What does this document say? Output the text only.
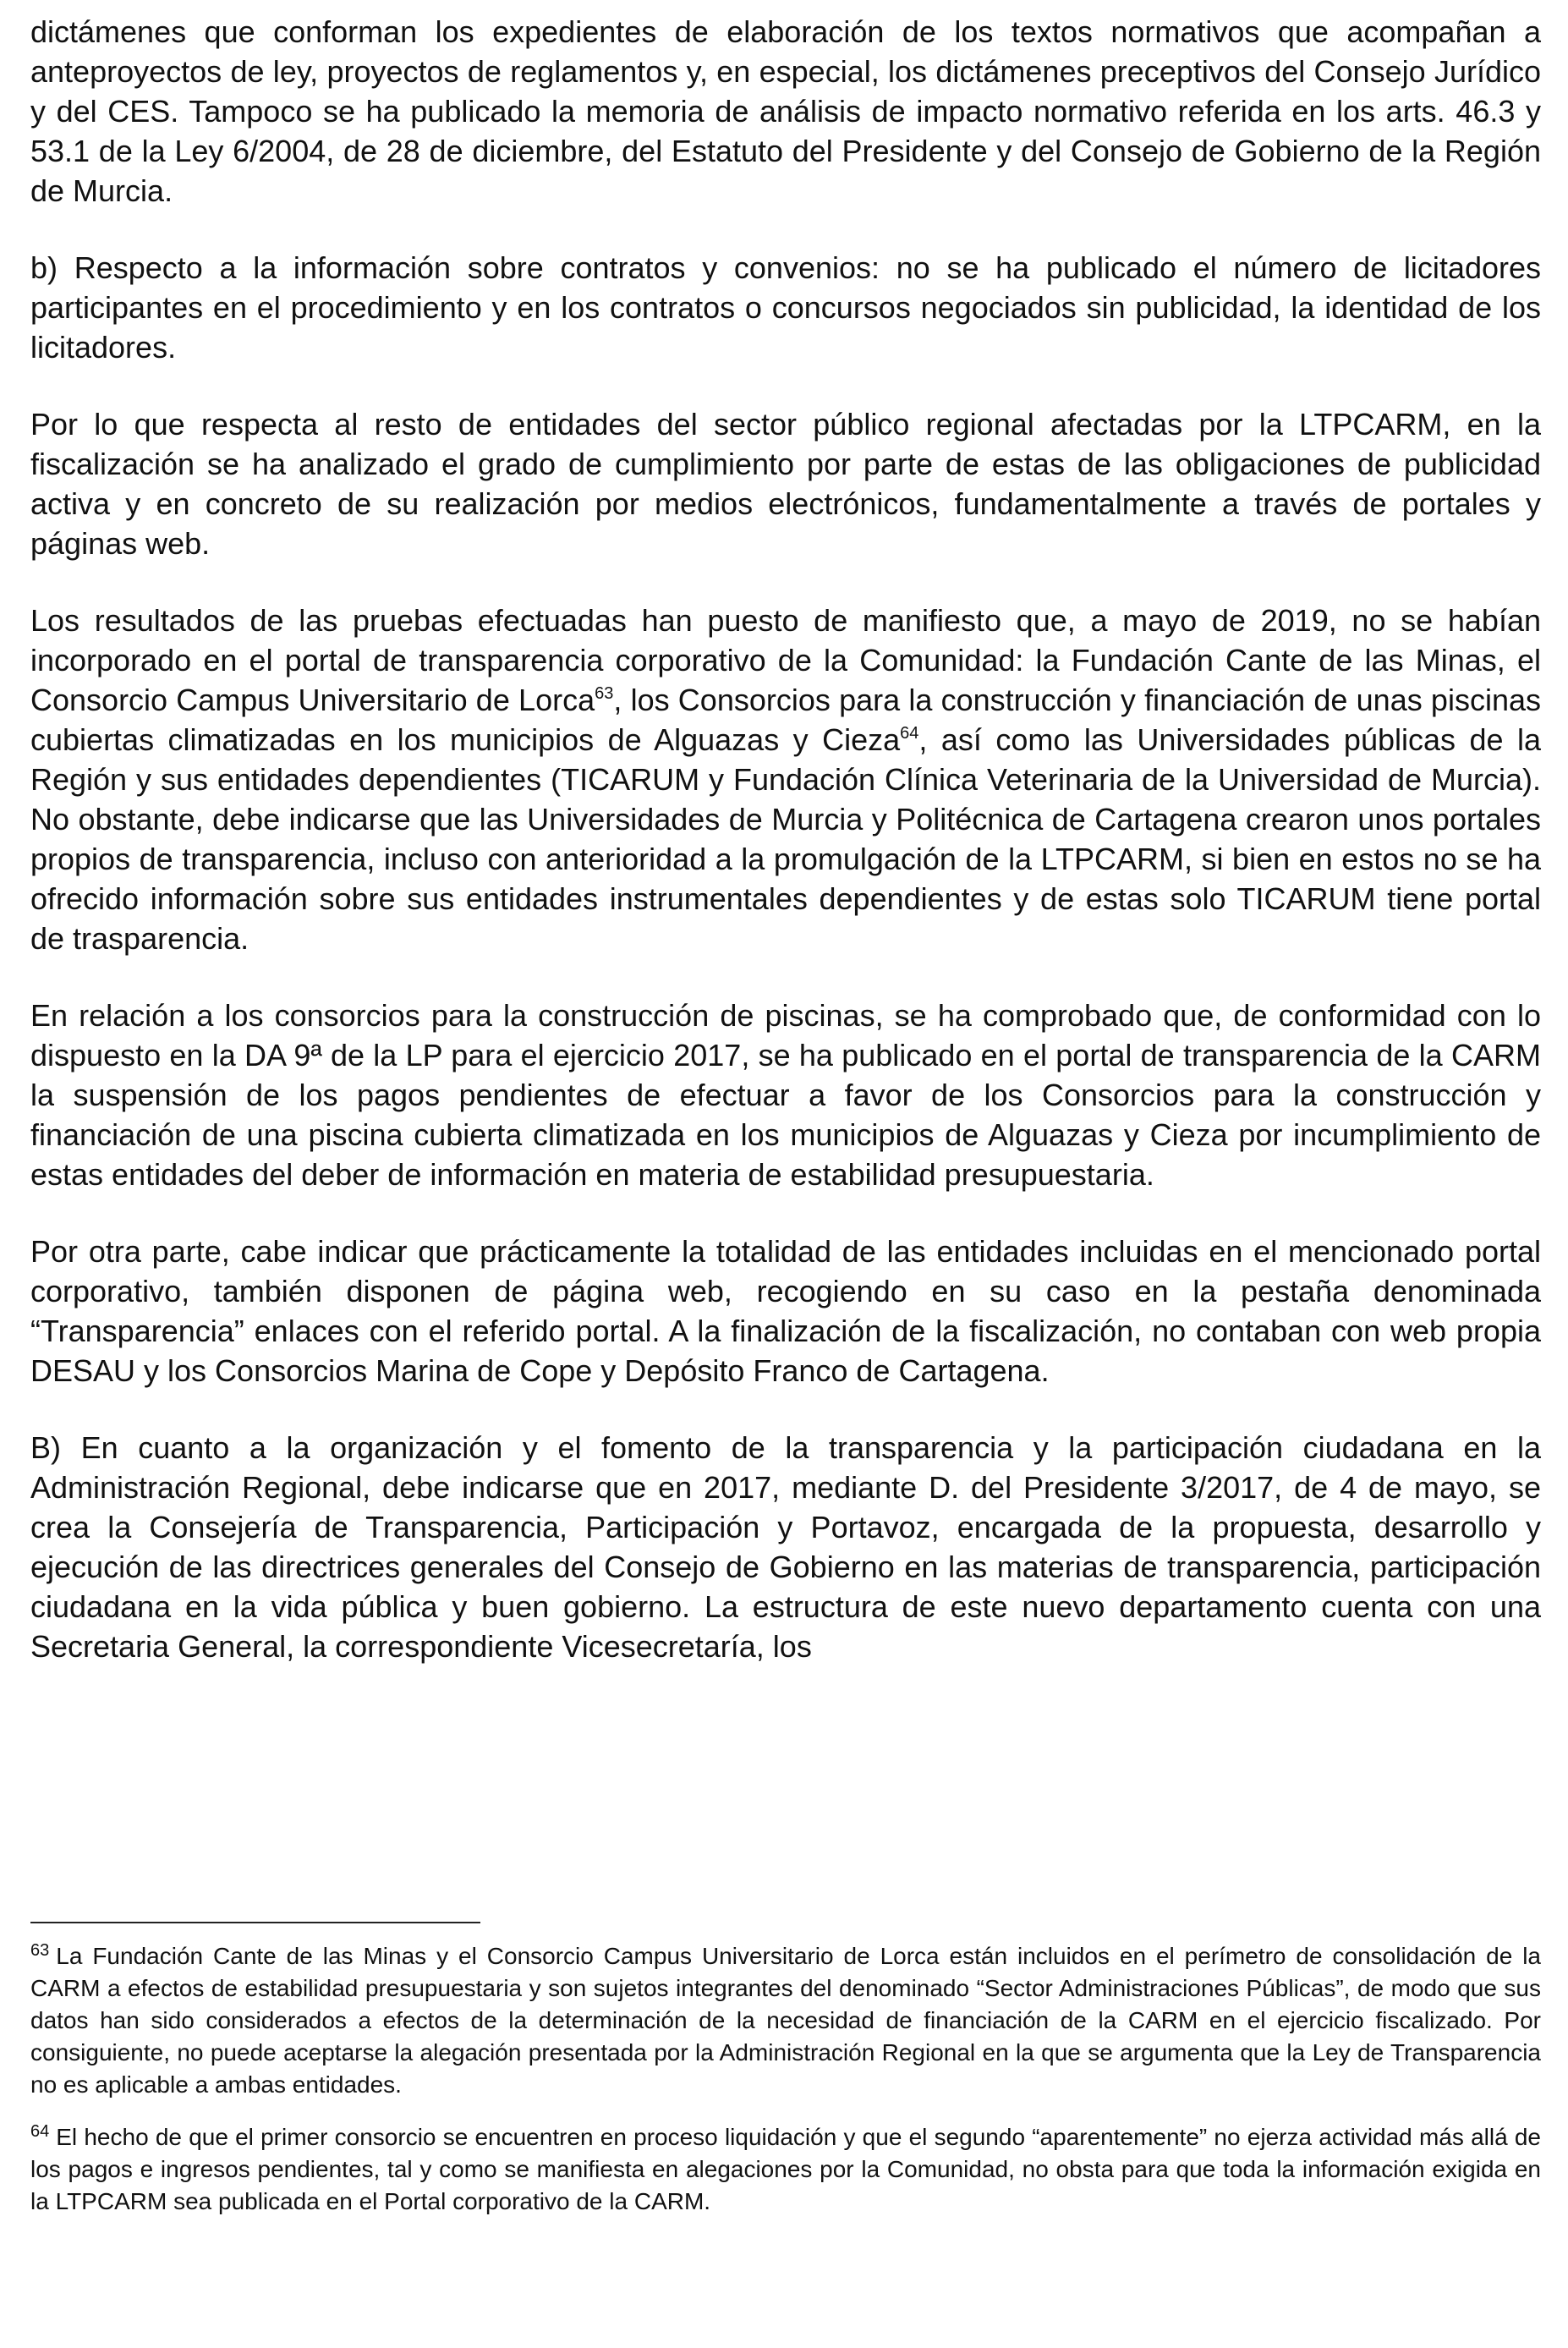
dictámenes que conforman los expedientes de elaboración de los textos normativos que acompañan a anteproyectos de ley, proyectos de reglamentos y, en especial, los dictámenes preceptivos del Consejo Jurídico y del CES. Tampoco se ha publicado la memoria de análisis de impacto normativo referida en los arts. 46.3 y 53.1 de la Ley 6/2004, de 28 de diciembre, del Estatuto del Presidente y del Consejo de Gobierno de la Región de Murcia.

b) Respecto a la información sobre contratos y convenios: no se ha publicado el número de licitadores participantes en el procedimiento y en los contratos o concursos negociados sin publicidad, la identidad de los licitadores.

Por lo que respecta al resto de entidades del sector público regional afectadas por la LTPCARM, en la fiscalización se ha analizado el grado de cumplimiento por parte de estas de las obligaciones de publicidad activa y en concreto de su realización por medios electrónicos, fundamentalmente a través de portales y páginas web.

Los resultados de las pruebas efectuadas han puesto de manifiesto que, a mayo de 2019, no se habían incorporado en el portal de transparencia corporativo de la Comunidad: la Fundación Cante de las Minas, el Consorcio Campus Universitario de Lorca$^{63}$, los Consorcios para la construcción y financiación de unas piscinas cubiertas climatizadas en los municipios de Alguazas y Cieza$^{64}$, así como las Universidades públicas de la Región y sus entidades dependientes (TICARUM y Fundación Clínica Veterinaria de la Universidad de Murcia). No obstante, debe indicarse que las Universidades de Murcia y Politécnica de Cartagena crearon unos portales propios de transparencia, incluso con anterioridad a la promulgación de la LTPCARM, si bien en estos no se ha ofrecido información sobre sus entidades instrumentales dependientes y de estas solo TICARUM tiene portal de trasparencia.

En relación a los consorcios para la construcción de piscinas, se ha comprobado que, de conformidad con lo dispuesto en la DA 9ª de la LP para el ejercicio 2017, se ha publicado en el portal de transparencia de la CARM la suspensión de los pagos pendientes de efectuar a favor de los Consorcios para la construcción y financiación de una piscina cubierta climatizada en los municipios de Alguazas y Cieza por incumplimiento de estas entidades del deber de información en materia de estabilidad presupuestaria.

Por otra parte, cabe indicar que prácticamente la totalidad de las entidades incluidas en el mencionado portal corporativo, también disponen de página web, recogiendo en su caso en la pestaña denominada “Transparencia” enlaces con el referido portal. A la finalización de la fiscalización, no contaban con web propia DESAU y los Consorcios Marina de Cope y Depósito Franco de Cartagena.

B) En cuanto a la organización y el fomento de la transparencia y la participación ciudadana en la Administración Regional, debe indicarse que en 2017, mediante D. del Presidente 3/2017, de 4 de mayo, se crea la Consejería de Transparencia, Participación y Portavoz, encargada de la propuesta, desarrollo y ejecución de las directrices generales del Consejo de Gobierno en las materias de transparencia, participación ciudadana en la vida pública y buen gobierno. La estructura de este nuevo departamento cuenta con una Secretaria General, la correspondiente Vicesecretaría, los

$^{63}$ La Fundación Cante de las Minas y el Consorcio Campus Universitario de Lorca están incluidos en el perímetro de consolidación de la CARM a efectos de estabilidad presupuestaria y son sujetos integrantes del denominado “Sector Administraciones Públicas”, de modo que sus datos han sido considerados a efectos de la determinación de la necesidad de financiación de la CARM en el ejercicio fiscalizado. Por consiguiente, no puede aceptarse la alegación presentada por la Administración Regional en la que se argumenta que la Ley de Transparencia no es aplicable a ambas entidades.

$^{64}$ El hecho de que el primer consorcio se encuentren en proceso liquidación y que el segundo “aparentemente” no ejerza actividad más allá de los pagos e ingresos pendientes, tal y como se manifiesta en alegaciones por la Comunidad, no obsta para que toda la información exigida en la LTPCARM sea publicada en el Portal corporativo de la CARM.
